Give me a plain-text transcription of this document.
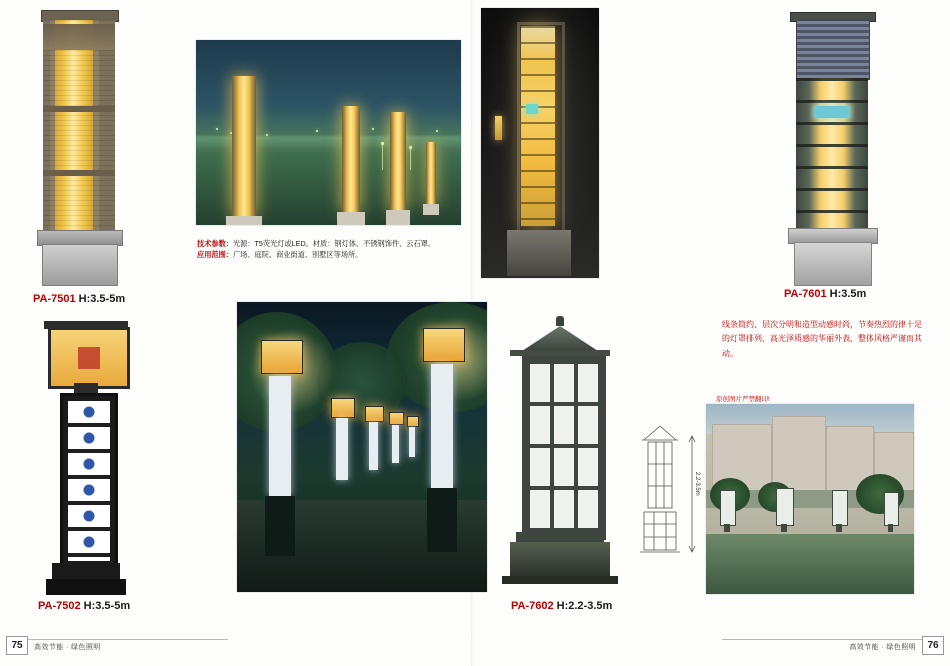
PA-7501 H:3.5-5m
技术参数：光源：T5荧光灯或LED。材质：钢灯体、不锈钢饰件、云石罩。
应用范围：广场、庭院、商业街道、别墅区等场所。
PA-7601 H:3.5m
线条简约、层次分明和造型动感时尚，节奏热烈的律十足的灯罩排列，高光泽质感的华丽外表，整体风格严谨而其动。
PA-7502 H:3.5-5m	PA-7602 H:2.2-3.5m
2.2-3.5m
原创图片严禁翻印!
75	高效节能 · 绿色照明	76
高效节能 · 绿色照明
